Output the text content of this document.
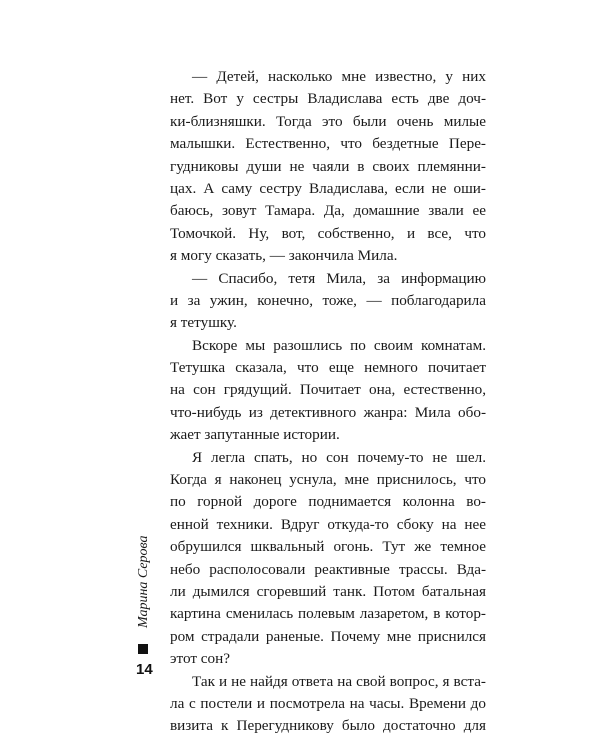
— Детей, насколько мне известно, у них
нет. Вот у сестры Владислава есть две доч-
ки-близняшки. Тогда это были очень милые
малышки. Естественно, что бездетные Пере-
гудниковы души не чаяли в своих племянни-
цах. А саму сестру Владислава, если не оши-
баюсь, зовут Тамара. Да, домашние звали ее
Томочкой. Ну, вот, собственно, и все, что
я могу сказать, — закончила Мила.
— Спасибо, тетя Мила, за информацию
и за ужин, конечно, тоже, — поблагодарила
я тетушку.
Вскоре мы разошлись по своим комнатам.
Тетушка сказала, что еще немного почитает
на сон грядущий. Почитает она, естественно,
что-нибудь из детективного жанра: Мила обо-
жает запутанные истории.
Я легла спать, но сон почему-то не шел.
Когда я наконец уснула, мне приснилось, что
по горной дороге поднимается колонна во-
енной техники. Вдруг откуда-то сбоку на нее
обрушился шквальный огонь. Тут же темное
небо располосовали реактивные трассы. Вда-
ли дымился сгоревший танк. Потом батальная
картина сменилась полевым лазаретом, в котор-
ром страдали раненые. Почему мне приснился
этот сон?
Так и не найдя ответа на свой вопрос, я вста-
ла с постели и посмотрела на часы. Времени до
визита к Перегудникову было достаточно для
Марина Серова
14
